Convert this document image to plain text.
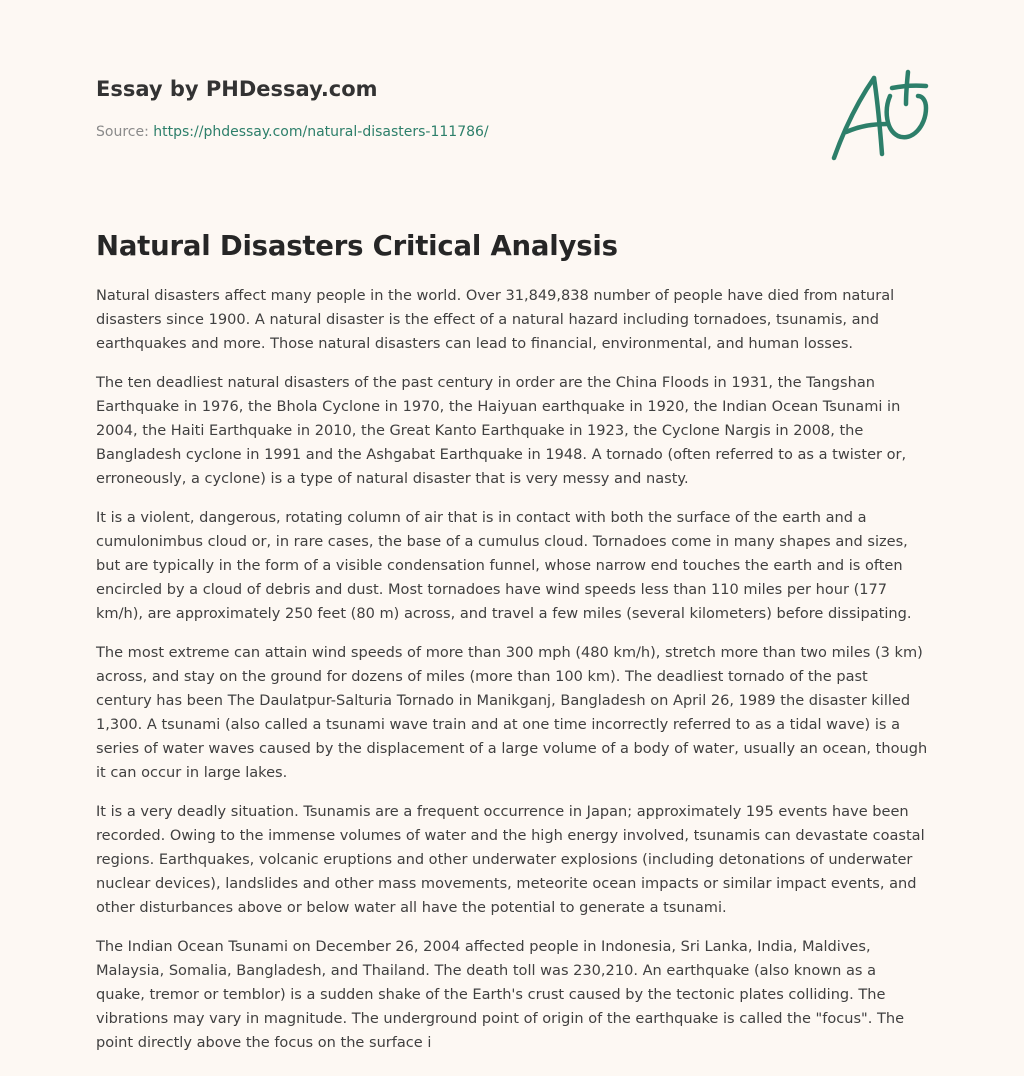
Essay by PHDessay.com

Source: https://phdessay.com/natural-disasters-111786/

Natural Disasters Critical Analysis

Natural disasters affect many people in the world. Over 31,849,838 number of people have died from natural disasters since 1900. A natural disaster is the effect of a natural hazard including tornadoes, tsunamis, and earthquakes and more. Those natural disasters can lead to financial, environmental, and human losses.

The ten deadliest natural disasters of the past century in order are the China Floods in 1931, the Tangshan Earthquake in 1976, the Bhola Cyclone in 1970, the Haiyuan earthquake in 1920, the Indian Ocean Tsunami in 2004, the Haiti Earthquake in 2010, the Great Kanto Earthquake in 1923, the Cyclone Nargis in 2008, the Bangladesh cyclone in 1991 and the Ashgabat Earthquake in 1948. A tornado (often referred to as a twister or, erroneously, a cyclone) is a type of natural disaster that is very messy and nasty.

It is a violent, dangerous, rotating column of air that is in contact with both the surface of the earth and a cumulonimbus cloud or, in rare cases, the base of a cumulus cloud. Tornadoes come in many shapes and sizes, but are typically in the form of a visible condensation funnel, whose narrow end touches the earth and is often encircled by a cloud of debris and dust. Most tornadoes have wind speeds less than 110 miles per hour (177 km/h), are approximately 250 feet (80 m) across, and travel a few miles (several kilometers) before dissipating.

The most extreme can attain wind speeds of more than 300 mph (480 km/h), stretch more than two miles (3 km) across, and stay on the ground for dozens of miles (more than 100 km). The deadliest tornado of the past century has been The Daulatpur-Salturia Tornado in Manikganj, Bangladesh on April 26, 1989 the disaster killed 1,300. A tsunami (also called a tsunami wave train and at one time incorrectly referred to as a tidal wave) is a series of water waves caused by the displacement of a large volume of a body of water, usually an ocean, though it can occur in large lakes.

It is a very deadly situation. Tsunamis are a frequent occurrence in Japan; approximately 195 events have been recorded. Owing to the immense volumes of water and the high energy involved, tsunamis can devastate coastal regions. Earthquakes, volcanic eruptions and other underwater explosions (including detonations of underwater nuclear devices), landslides and other mass movements, meteorite ocean impacts or similar impact events, and other disturbances above or below water all have the potential to generate a tsunami.

The Indian Ocean Tsunami on December 26, 2004 affected people in Indonesia, Sri Lanka, India, Maldives, Malaysia, Somalia, Bangladesh, and Thailand. The death toll was 230,210. An earthquake (also known as a quake, tremor or temblor) is a sudden shake of the Earth's crust caused by the tectonic plates colliding. The vibrations may vary in magnitude. The underground point of origin of the earthquake is called the "focus". The point directly above the focus on the surface i
